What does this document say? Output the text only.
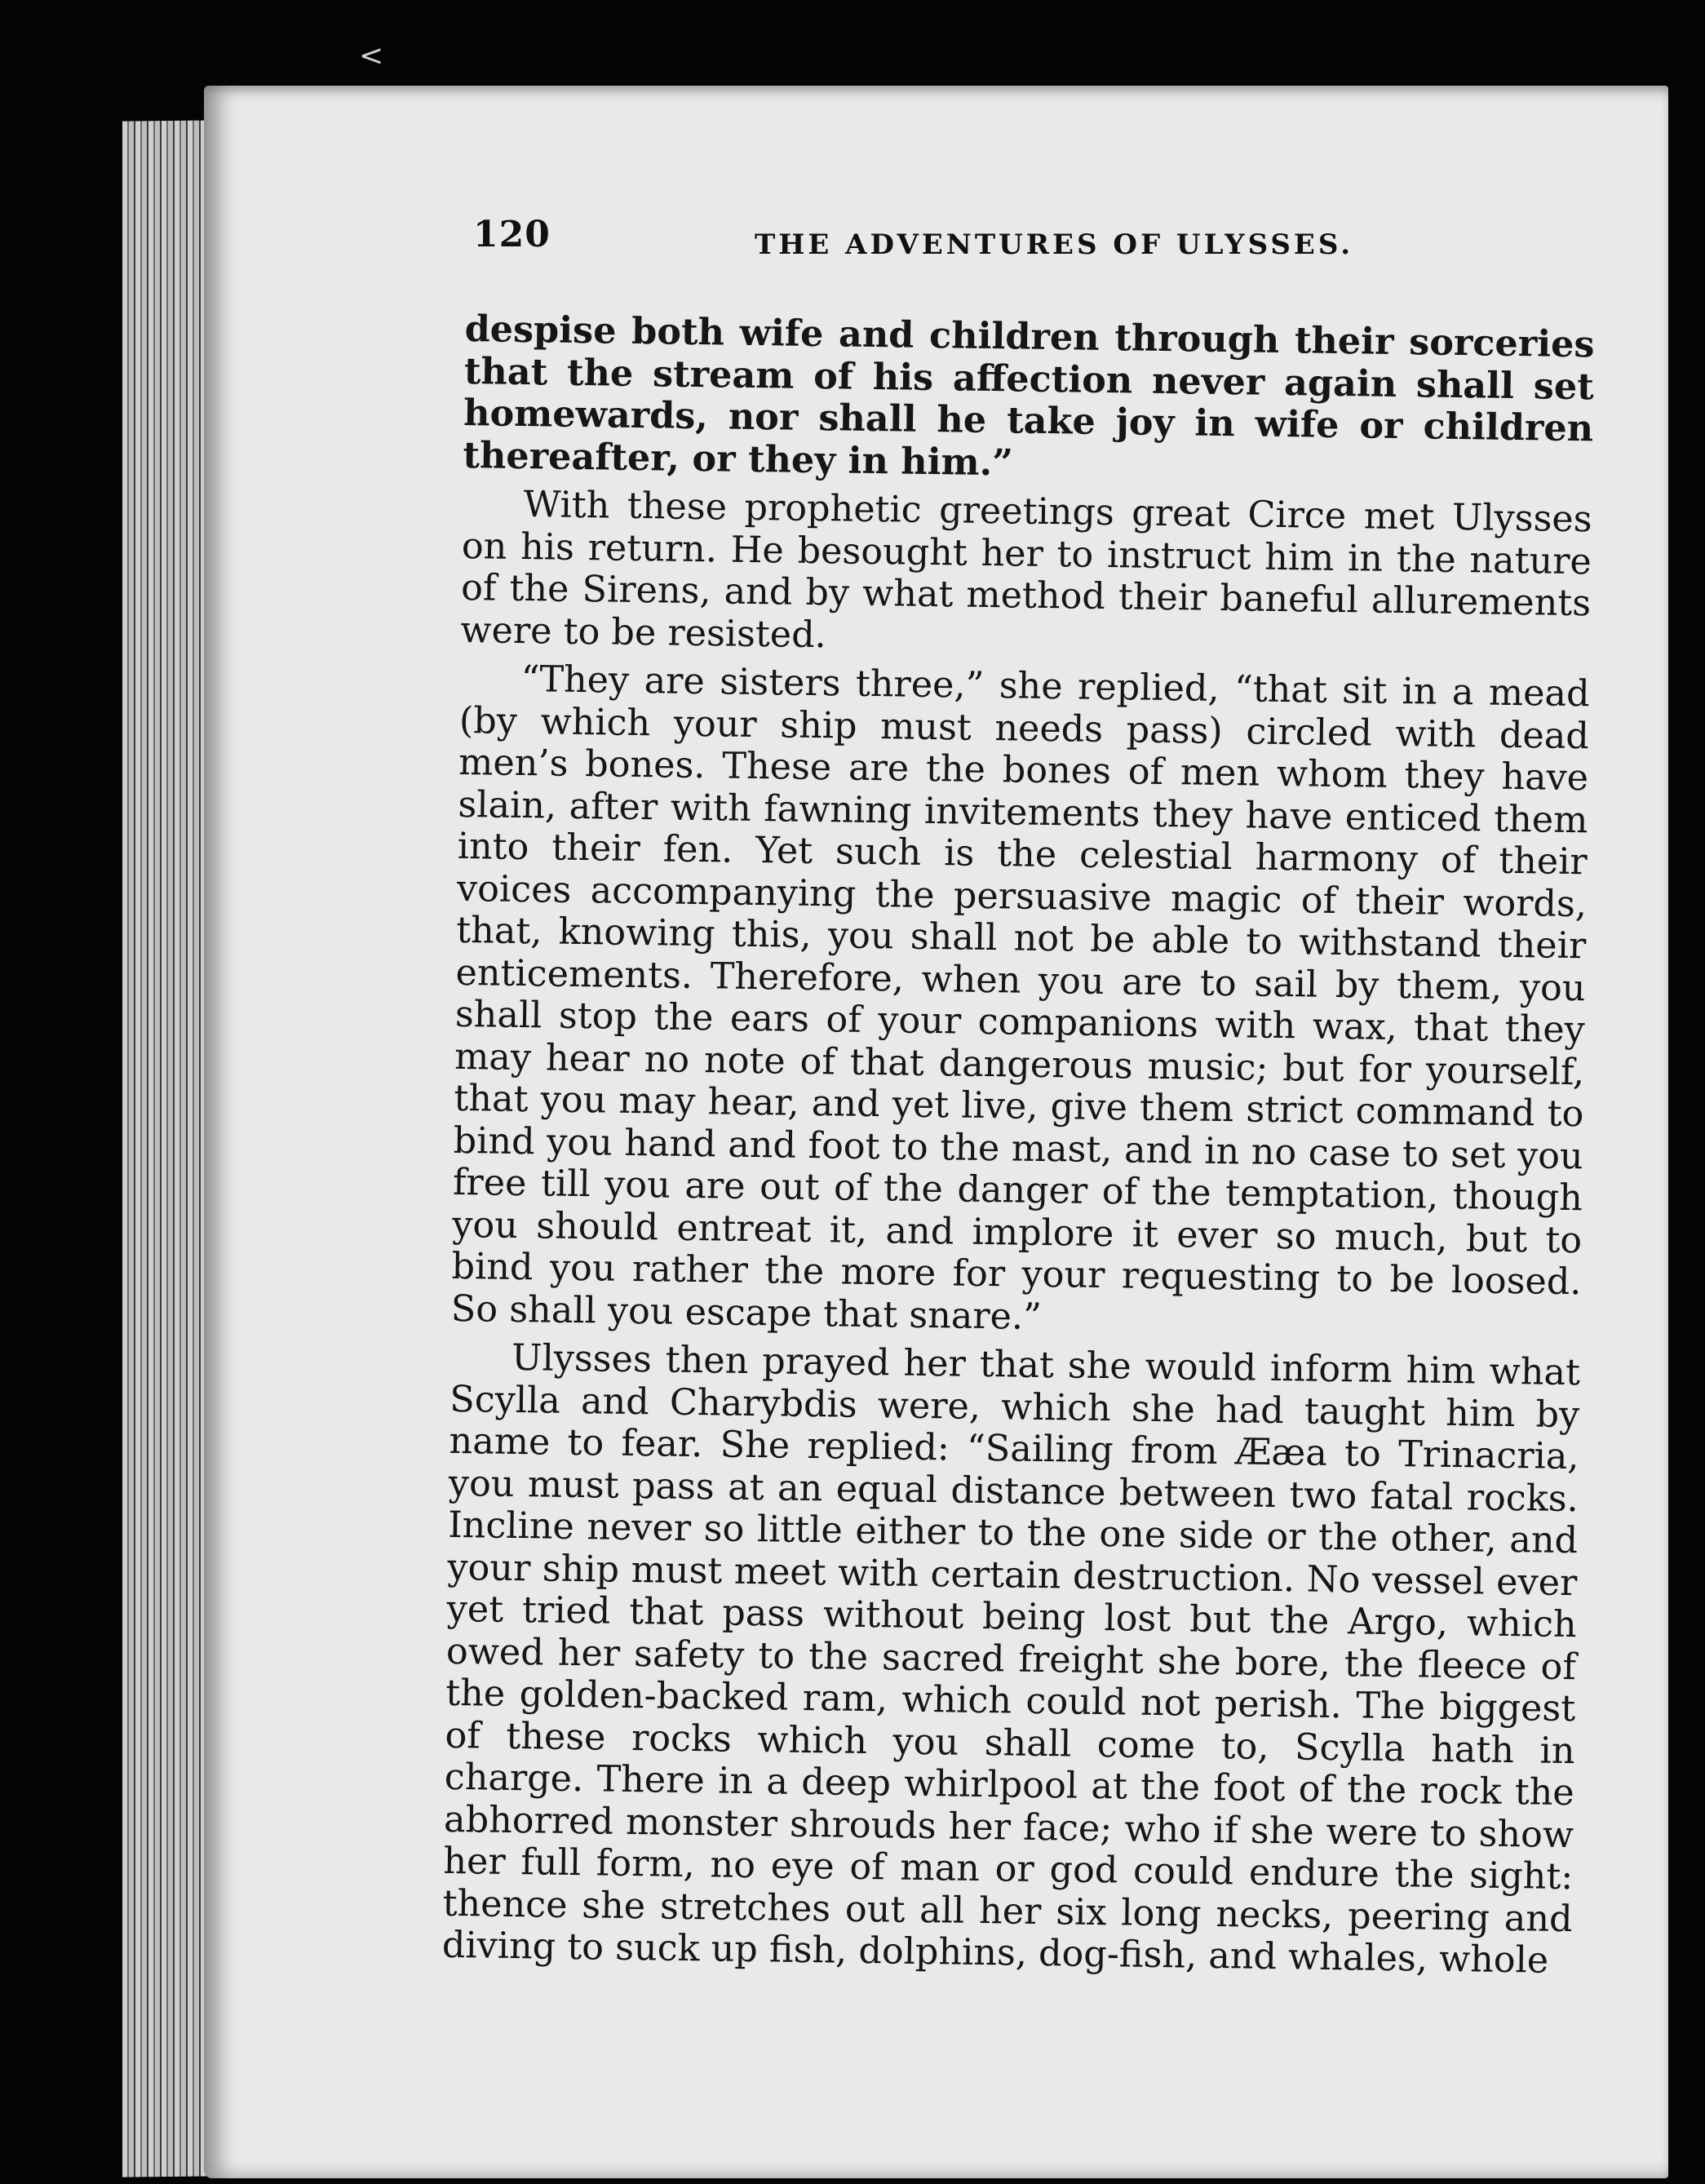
<
120	THE ADVENTURES OF ULYSSES.

despise both wife and children through their sorceries that the stream of his affection never again shall set homewards, nor shall he take joy in wife or children thereafter, or they in him.”

With these prophetic greetings great Circe met Ulysses on his return. He besought her to instruct him in the nature of the Sirens, and by what method their baneful allurements were to be resisted.

“They are sisters three,” she replied, “that sit in a mead (by which your ship must needs pass) circled with dead men’s bones. These are the bones of men whom they have slain, after with fawning invitements they have enticed them into their fen. Yet such is the celestial harmony of their voices accompanying the persuasive magic of their words, that, knowing this, you shall not be able to withstand their enticements. Therefore, when you are to sail by them, you shall stop the ears of your companions with wax, that they may hear no note of that dangerous music; but for yourself, that you may hear, and yet live, give them strict command to bind you hand and foot to the mast, and in no case to set you free till you are out of the danger of the temptation, though you should entreat it, and implore it ever so much, but to bind you rather the more for your requesting to be loosed. So shall you escape that snare.”

Ulysses then prayed her that she would inform him what Scylla and Charybdis were, which she had taught him by name to fear. She replied: “Sailing from Ææa to Trinacria, you must pass at an equal distance between two fatal rocks. Incline never so little either to the one side or the other, and your ship must meet with certain destruction. No vessel ever yet tried that pass without being lost but the Argo, which owed her safety to the sacred freight she bore, the fleece of the golden-backed ram, which could not perish. The biggest of these rocks which you shall come to, Scylla hath in charge. There in a deep whirlpool at the foot of the rock the abhorred monster shrouds her face; who if she were to show her full form, no eye of man or god could endure the sight: thence she stretches out all her six long necks, peering and diving to suck up fish, dolphins, dog-fish, and whales, whole
